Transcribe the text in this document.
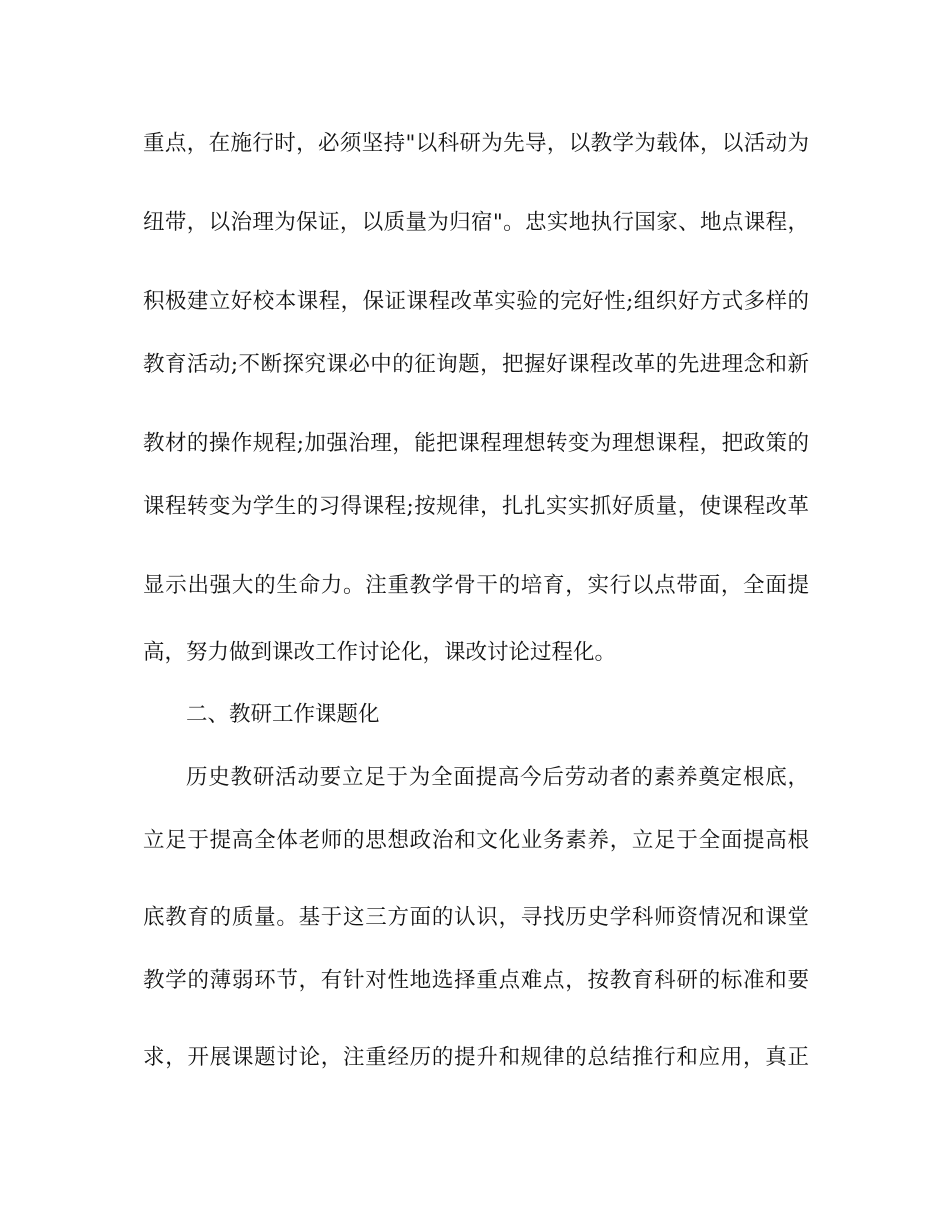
重点，在施行时，必须坚持"以科研为先导，以教学为载体，以活动为
纽带，以治理为保证，以质量为归宿"。忠实地执行国家、地点课程，
积极建立好校本课程，保证课程改革实验的完好性;组织好方式多样的
教育活动;不断探究课必中的征询题，把握好课程改革的先进理念和新
教材的操作规程;加强治理，能把课程理想转变为理想课程，把政策的
课程转变为学生的习得课程;按规律，扎扎实实抓好质量，使课程改革
显示出强大的生命力。注重教学骨干的培育，实行以点带面，全面提
高，努力做到课改工作讨论化，课改讨论过程化。
二、教研工作课题化
历史教研活动要立足于为全面提高今后劳动者的素养奠定根底，
立足于提高全体老师的思想政治和文化业务素养，立足于全面提高根
底教育的质量。基于这三方面的认识，寻找历史学科师资情况和课堂
教学的薄弱环节，有针对性地选择重点难点，按教育科研的标准和要
求，开展课题讨论，注重经历的提升和规律的总结推行和应用，真正
